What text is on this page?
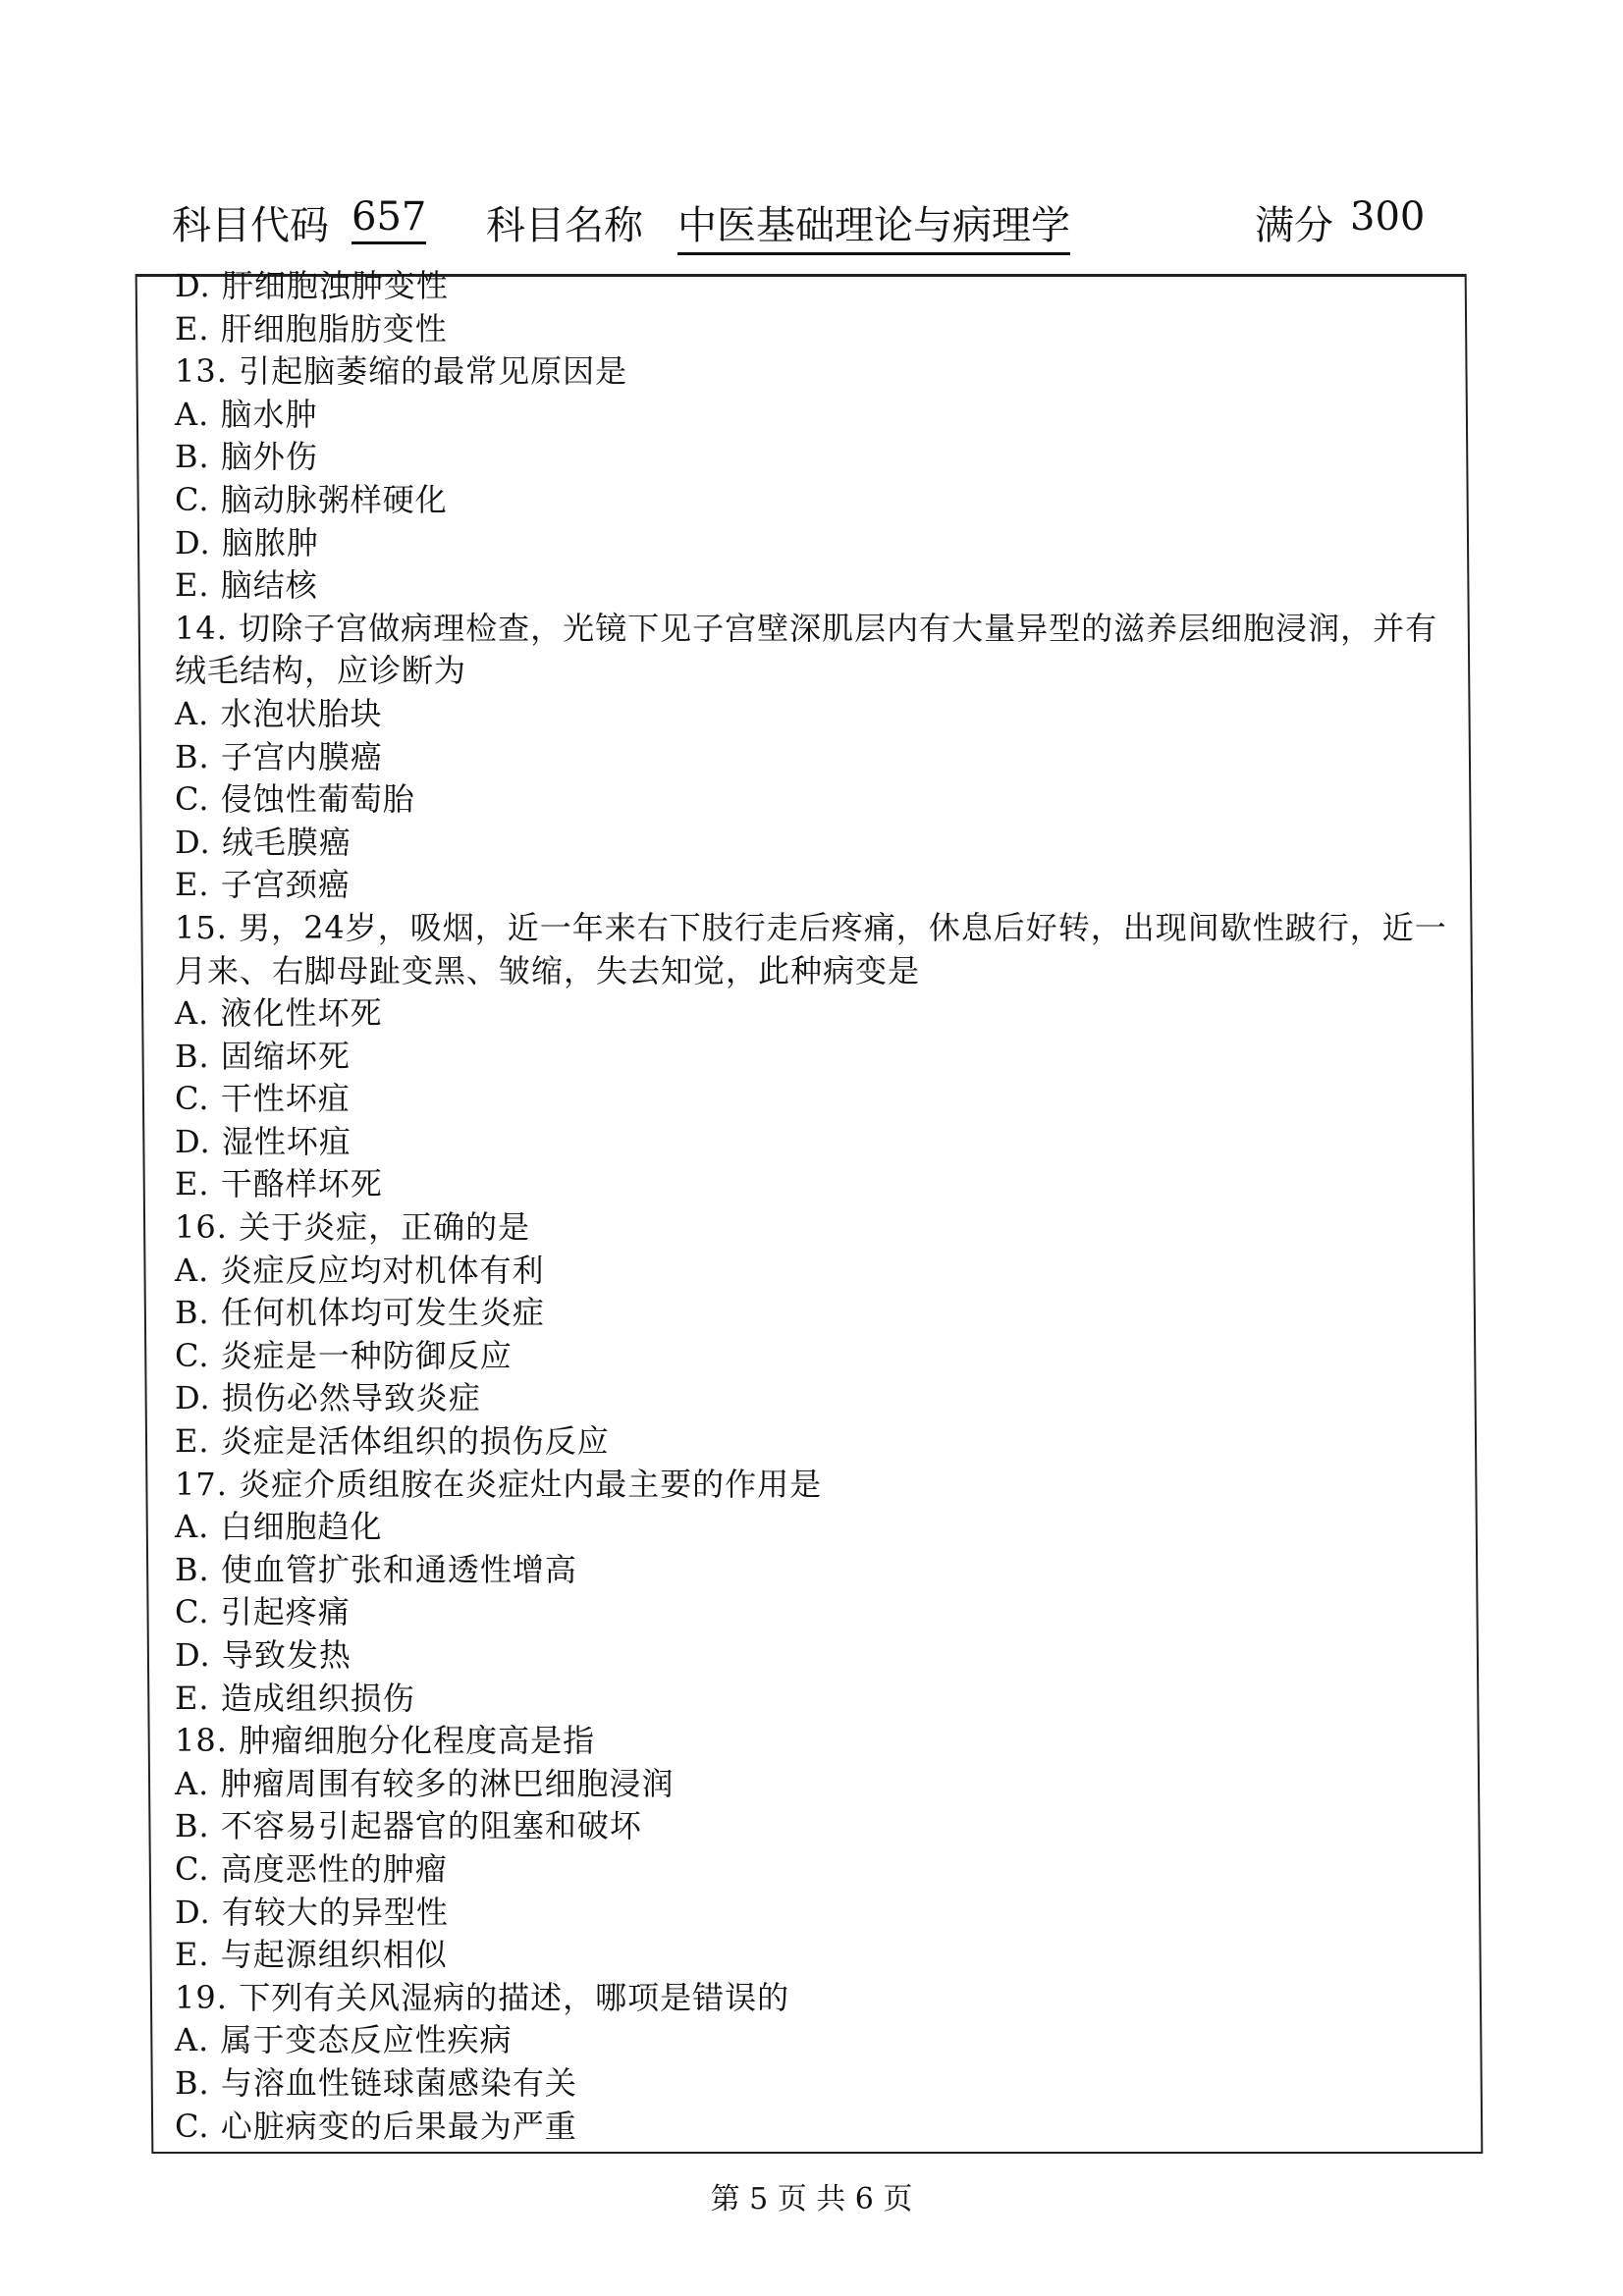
科目代码 657 科目名称 中医基础理论与病理学	满分 300
D. 肝细胞浊肿变性
E. 肝细胞脂肪变性
13. 引起脑萎缩的最常见原因是
A. 脑水肿
B. 脑外伤
C. 脑动脉粥样硬化
D. 脑脓肿
E. 脑结核
14. 切除子宫做病理检查，光镜下见子宫壁深肌层内有大量异型的滋养层细胞浸润，并有
绒毛结构，应诊断为
A. 水泡状胎块
B. 子宫内膜癌
C. 侵蚀性葡萄胎
D. 绒毛膜癌
E. 子宫颈癌
15. 男，24岁，吸烟，近一年来右下肢行走后疼痛，休息后好转，出现间歇性跛行，近一
月来、右脚母趾变黑、皱缩，失去知觉，此种病变是
A. 液化性坏死
B. 固缩坏死
C. 干性坏疽
D. 湿性坏疽
E. 干酪样坏死
16. 关于炎症，正确的是
A. 炎症反应均对机体有利
B. 任何机体均可发生炎症
C. 炎症是一种防御反应
D. 损伤必然导致炎症
E. 炎症是活体组织的损伤反应
17. 炎症介质组胺在炎症灶内最主要的作用是
A. 白细胞趋化
B. 使血管扩张和通透性增高
C. 引起疼痛
D. 导致发热
E. 造成组织损伤
18. 肿瘤细胞分化程度高是指
A. 肿瘤周围有较多的淋巴细胞浸润
B. 不容易引起器官的阻塞和破坏
C. 高度恶性的肿瘤
D. 有较大的异型性
E. 与起源组织相似
19. 下列有关风湿病的描述，哪项是错误的
A. 属于变态反应性疾病
B. 与溶血性链球菌感染有关
C. 心脏病变的后果最为严重
第 5 页 共 6 页
